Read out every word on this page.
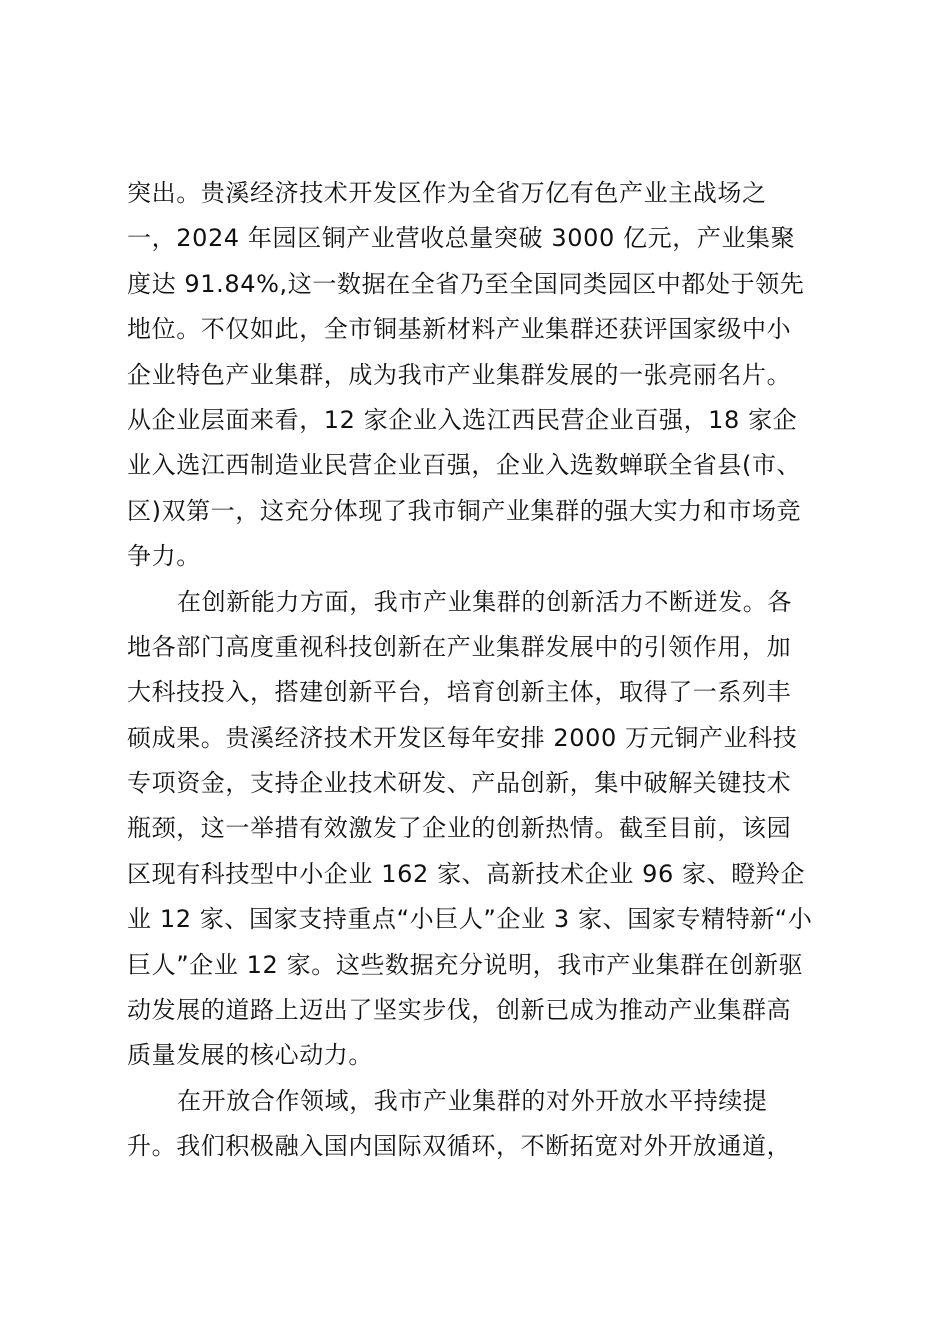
突出。贵溪经济技术开发区作为全省万亿有色产业主战场之
一，2024 年园区铜产业营收总量突破 3000 亿元，产业集聚
度达 91.84%,这一数据在全省乃至全国同类园区中都处于领先
地位。不仅如此，全市铜基新材料产业集群还获评国家级中小
企业特色产业集群，成为我市产业集群发展的一张亮丽名片。
从企业层面来看，12 家企业入选江西民营企业百强，18 家企
业入选江西制造业民营企业百强，企业入选数蝉联全省县(市、
区)双第一，这充分体现了我市铜产业集群的强大实力和市场竞
争力。
在创新能力方面，我市产业集群的创新活力不断迸发。各
地各部门高度重视科技创新在产业集群发展中的引领作用，加
大科技投入，搭建创新平台，培育创新主体，取得了一系列丰
硕成果。贵溪经济技术开发区每年安排 2000 万元铜产业科技
专项资金，支持企业技术研发、产品创新，集中破解关键技术
瓶颈，这一举措有效激发了企业的创新热情。截至目前，该园
区现有科技型中小企业 162 家、高新技术企业 96 家、瞪羚企
业 12 家、国家支持重点“小巨人”企业 3 家、国家专精特新“小
巨人”企业 12 家。这些数据充分说明，我市产业集群在创新驱
动发展的道路上迈出了坚实步伐，创新已成为推动产业集群高
质量发展的核心动力。
在开放合作领域，我市产业集群的对外开放水平持续提
升。我们积极融入国内国际双循环，不断拓宽对外开放通道，
